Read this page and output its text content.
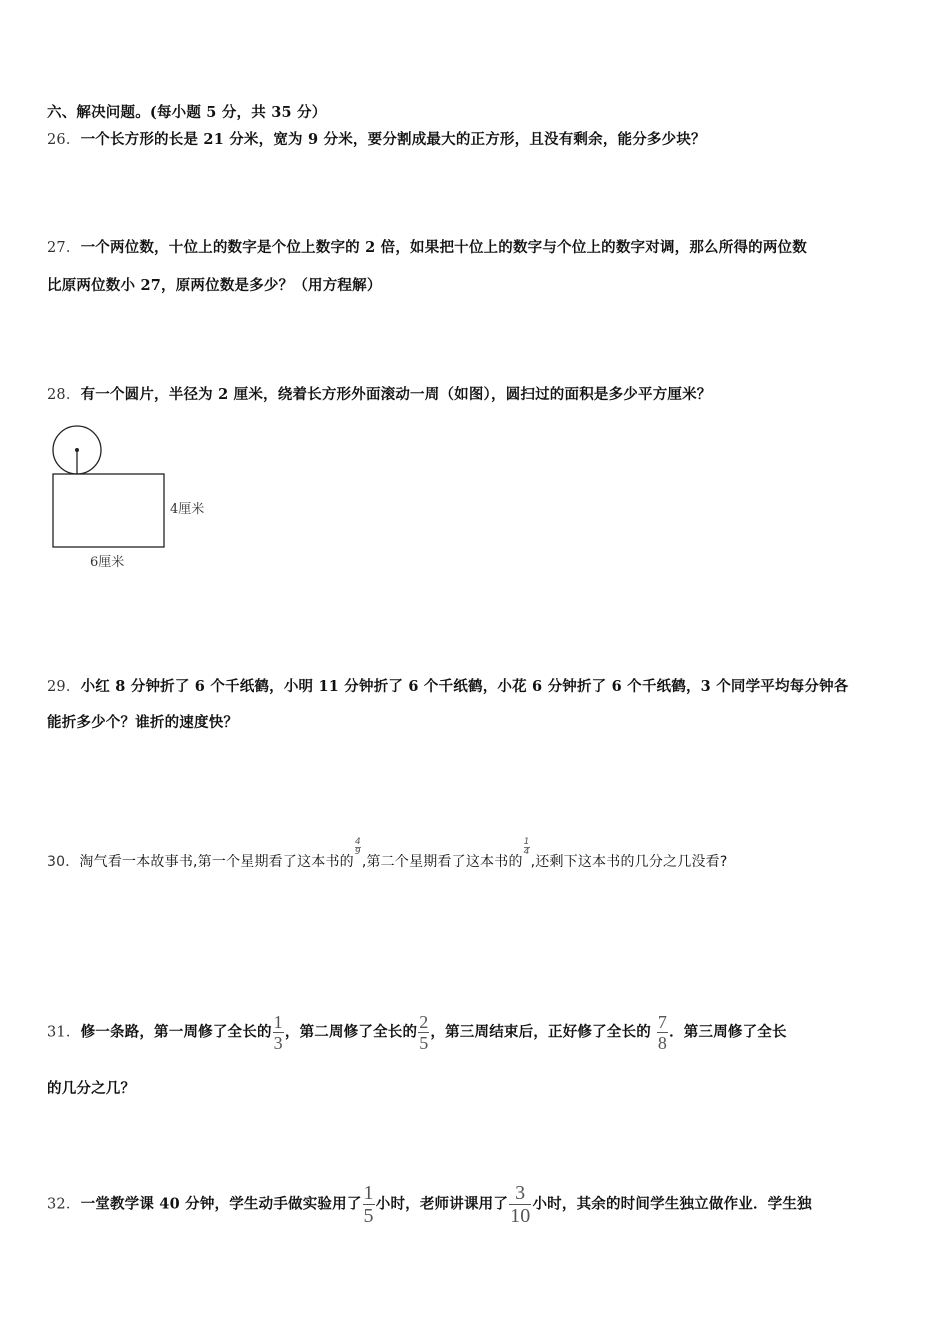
六、解决问题。(每小题 5 分，共 35 分）
26．一个长方形的长是 21 分米，宽为 9 分米，要分割成最大的正方形，且没有剩余，能分多少块？
27．一个两位数，十位上的数字是个位上数字的 2 倍，如果把十位上的数字与个位上的数字对调，那么所得的两位数
比原两位数小 27，原两位数是多少？（用方程解）
28．有一个圆片，半径为 2 厘米，绕着长方形外面滚动一周（如图），圆扫过的面积是多少平方厘米？
4厘米
6厘米
29．小红 8 分钟折了 6 个千纸鹤，小明 11 分钟折了 6 个千纸鹤，小花 6 分钟折了 6 个千纸鹤，3 个同学平均每分钟各
能折多少个？谁折的速度快？
30．淘气看一本故事书,第一个星期看了这本书的
$\frac{4}{9}$
,第二个星期看了这本书的
$\frac{1}{4}$
,还剩下这本书的几分之几没看?
31．修一条路，第一周修了全长的 $\frac{1}{3}$ ，第二周修了全长的 $\frac{2}{5}$ ，第三周结束后，正好修了全长的 $\frac{7}{8}$ ．第三周修了全长
的几分之几？
32．一堂教学课 40 分钟，学生动手做实验用了 $\frac{1}{5}$ 小时，老师讲课用了 $\frac{3}{10}$ 小时，其余的时间学生独立做作业．学生独
